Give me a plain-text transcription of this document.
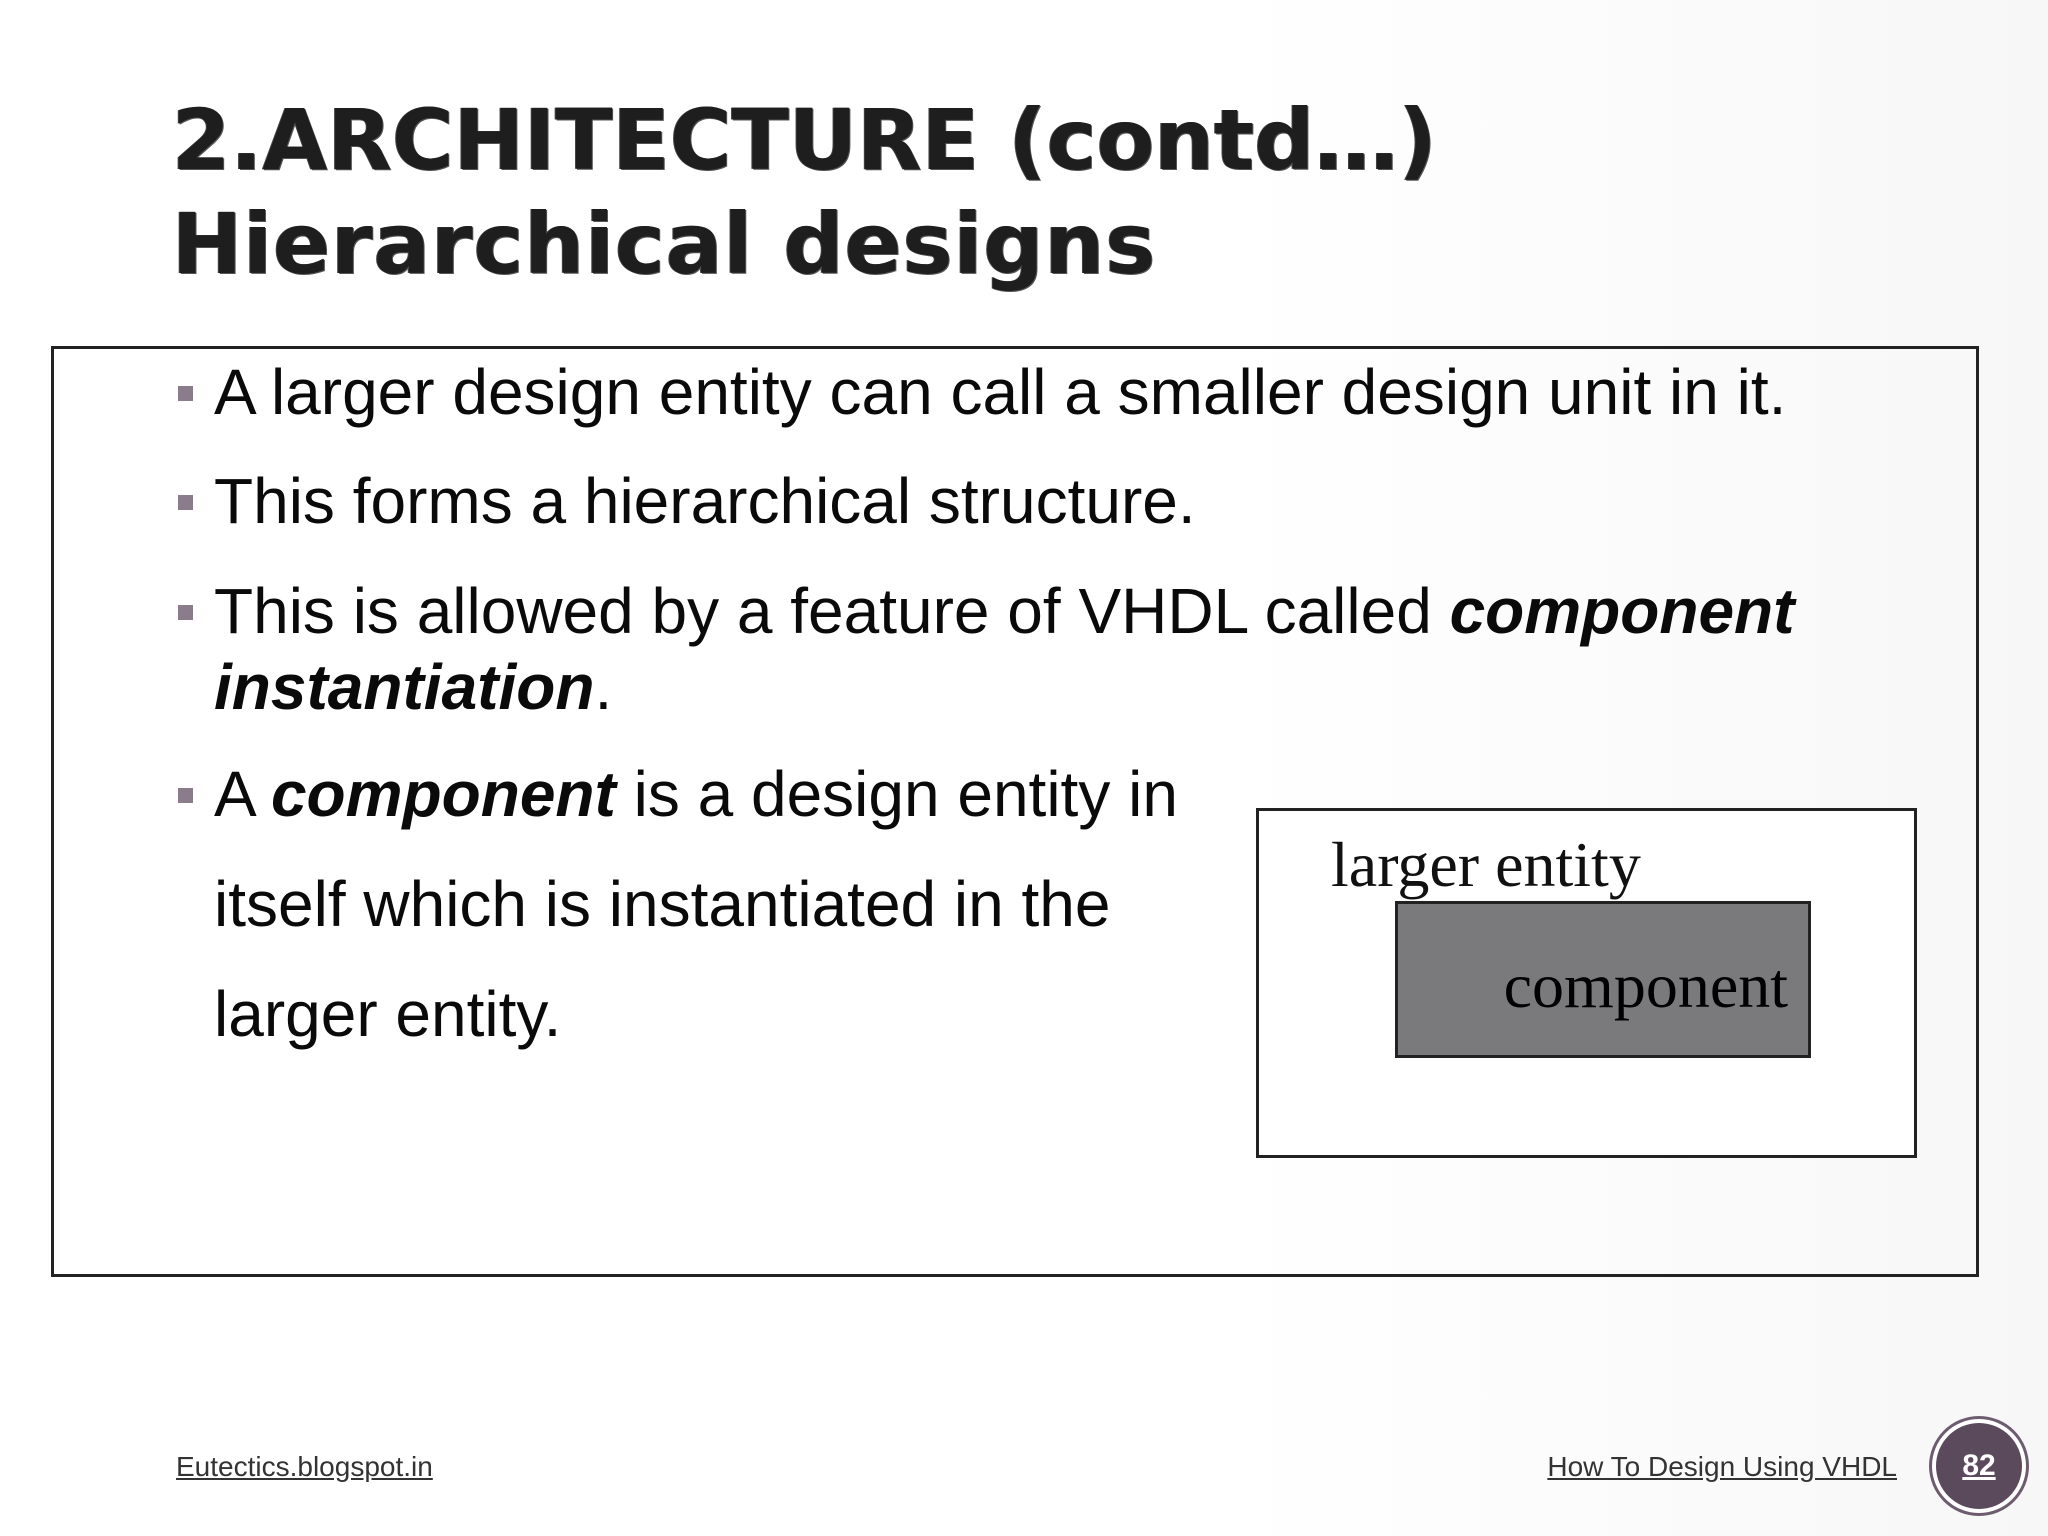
2.ARCHITECTURE (contd…)
Hierarchical designs
A larger design entity can call a smaller design unit in it.
This forms a hierarchical structure.
This is allowed by a feature of VHDL called component
instantiation.
A component is a design entity in
itself which is instantiated in the
larger entity.
larger entity
component
Eutectics.blogspot.in	How To Design Using VHDL	82
